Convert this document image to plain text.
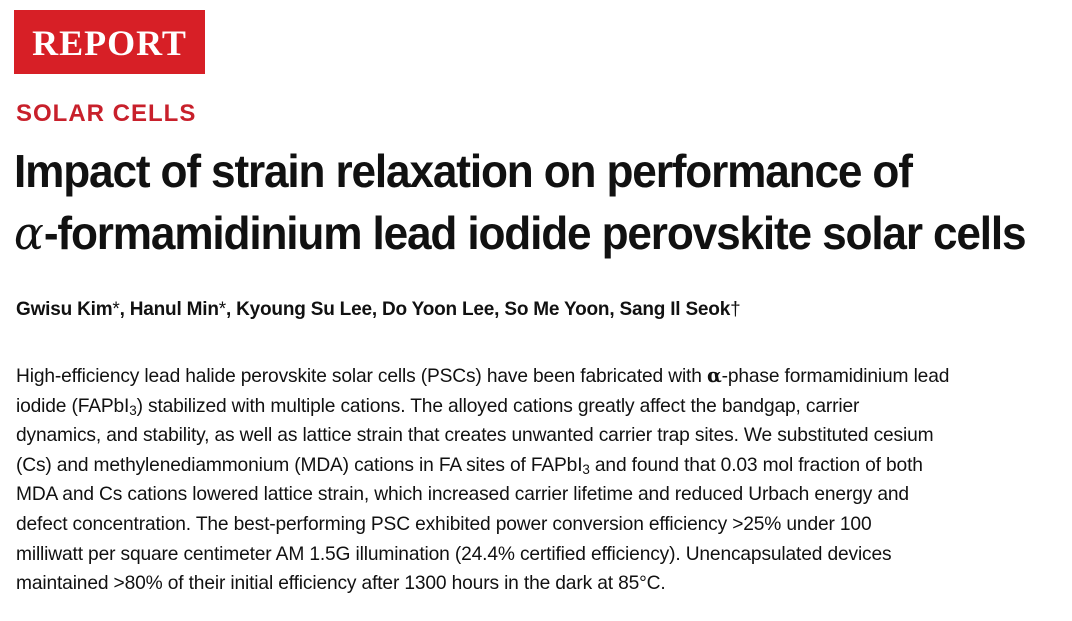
REPORT
SOLAR CELLS
Impact of strain relaxation on performance of
α-formamidinium lead iodide perovskite solar cells
Gwisu Kim*, Hanul Min*, Kyoung Su Lee, Do Yoon Lee, So Me Yoon, Sang Il Seok†
High-efficiency lead halide perovskite solar cells (PSCs) have been fabricated with α-phase formamidinium lead
iodide (FAPbI$_3$) stabilized with multiple cations. The alloyed cations greatly affect the bandgap, carrier
dynamics, and stability, as well as lattice strain that creates unwanted carrier trap sites. We substituted cesium
(Cs) and methylenediammonium (MDA) cations in FA sites of FAPbI$_3$ and found that 0.03 mol fraction of both
MDA and Cs cations lowered lattice strain, which increased carrier lifetime and reduced Urbach energy and
defect concentration. The best-performing PSC exhibited power conversion efficiency >25% under 100
milliwatt per square centimeter AM 1.5G illumination (24.4% certified efficiency). Unencapsulated devices
maintained >80% of their initial efficiency after 1300 hours in the dark at 85°C.
